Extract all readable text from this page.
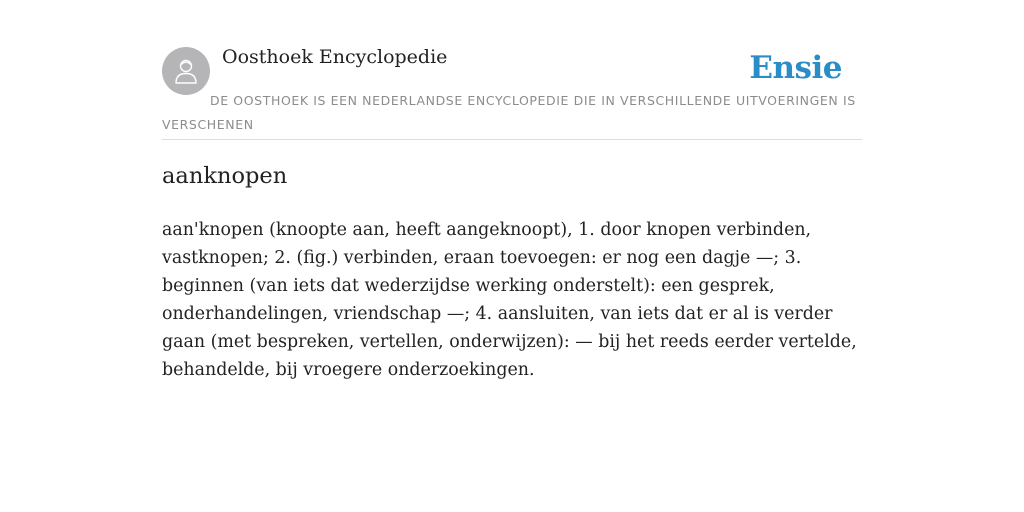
Oosthoek Encyclopedie	Ensie
DE OOSTHOEK IS EEN NEDERLANDSE ENCYCLOPEDIE DIE IN VERSCHILLENDE UITVOERINGEN IS VERSCHENEN
aanknopen

aan'knopen (knoopte aan, heeft aangeknoopt), 1. door knopen verbinden, vastknopen; 2. (fig.) verbinden, eraan toevoegen: er nog een dagje —; 3. beginnen (van iets dat wederzijdse werking onderstelt): een gesprek, onderhandelingen, vriendschap —; 4. aansluiten, van iets dat er al is verder gaan (met bespreken, vertellen, onderwijzen): — bij het reeds eerder vertelde, behandelde, bij vroegere onderzoekingen.
